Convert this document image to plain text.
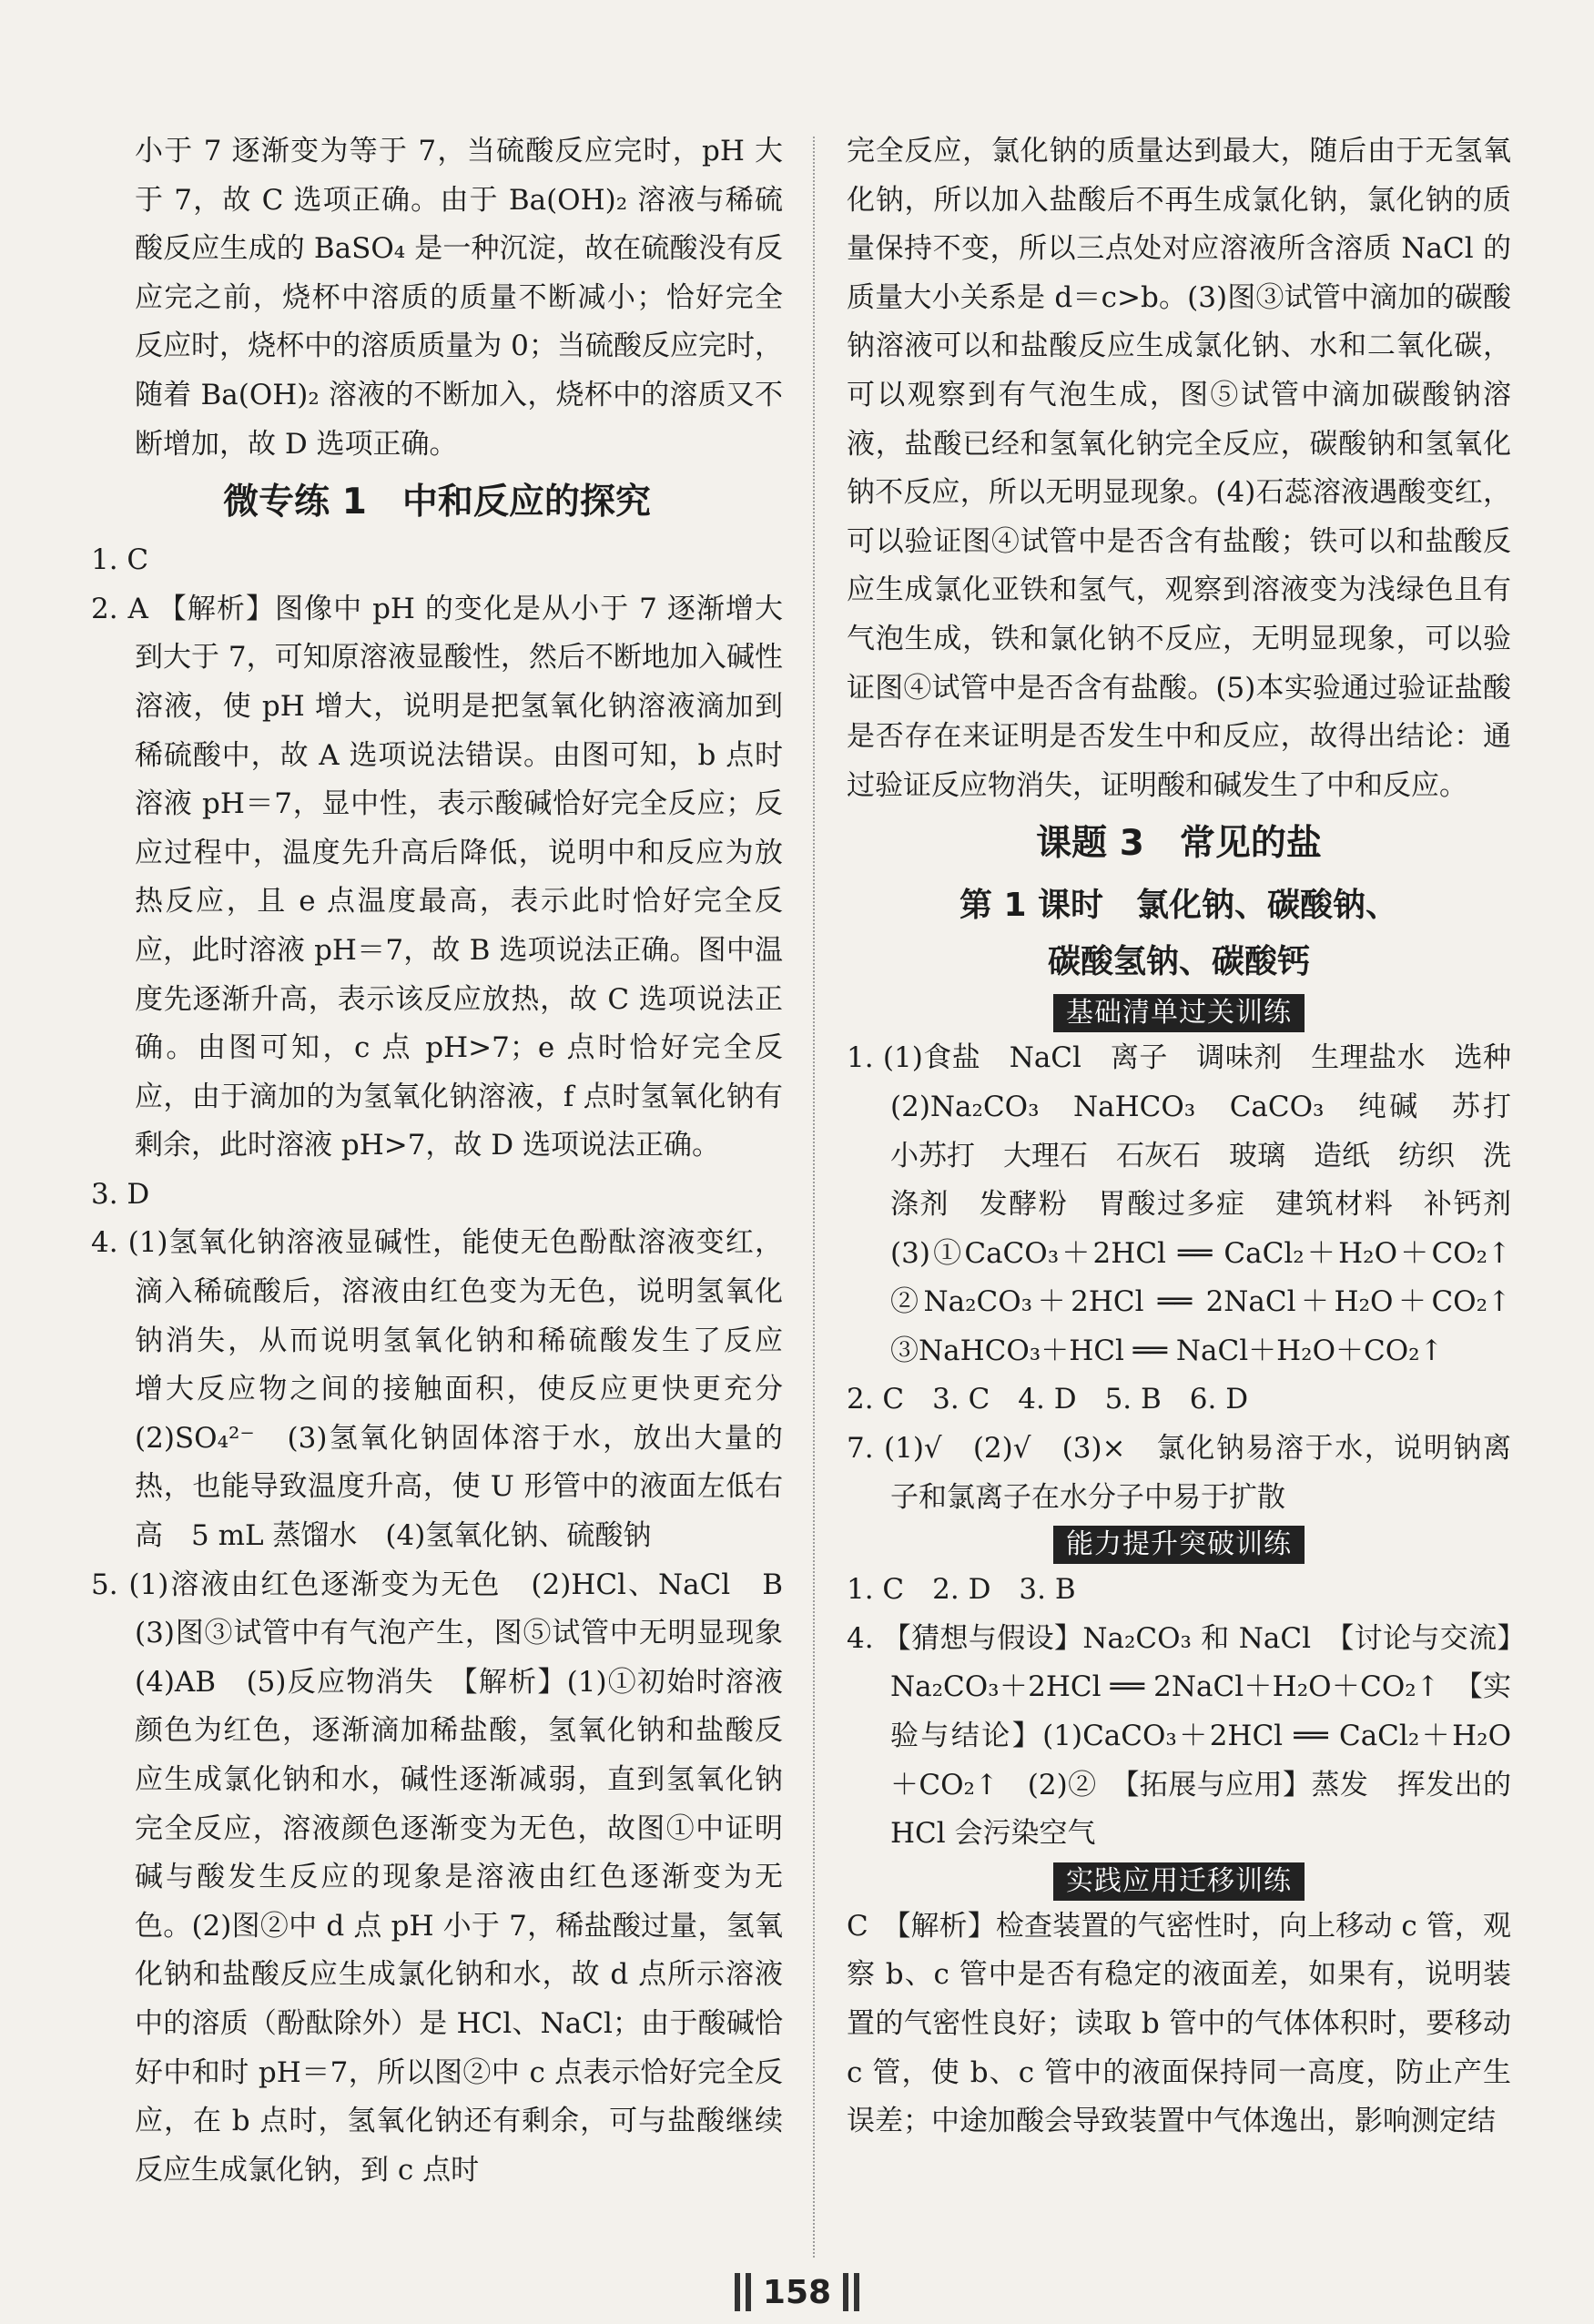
小于 7 逐渐变为等于 7，当硫酸反应完时，pH 大于 7，故 C 选项正确。由于 Ba(OH)₂ 溶液与稀硫酸反应生成的 BaSO₄ 是一种沉淀，故在硫酸没有反应完之前，烧杯中溶质的质量不断减小；恰好完全反应时，烧杯中的溶质质量为 0；当硫酸反应完时，随着 Ba(OH)₂ 溶液的不断加入，烧杯中的溶质又不断增加，故 D 选项正确。

微专练 1　中和反应的探究

1. C

2. A 【解析】图像中 pH 的变化是从小于 7 逐渐增大到大于 7，可知原溶液显酸性，然后不断地加入碱性溶液，使 pH 增大，说明是把氢氧化钠溶液滴加到稀硫酸中，故 A 选项说法错误。由图可知，b 点时溶液 pH＝7，显中性，表示酸碱恰好完全反应；反应过程中，温度先升高后降低，说明中和反应为放热反应，且 e 点温度最高，表示此时恰好完全反应，此时溶液 pH＝7，故 B 选项说法正确。图中温度先逐渐升高，表示该反应放热，故 C 选项说法正确。由图可知，c 点 pH>7；e 点时恰好完全反应，由于滴加的为氢氧化钠溶液，f 点时氢氧化钠有剩余，此时溶液 pH>7，故 D 选项说法正确。

3. D

4. (1)氢氧化钠溶液显碱性，能使无色酚酞溶液变红，滴入稀硫酸后，溶液由红色变为无色，说明氢氧化钠消失，从而说明氢氧化钠和稀硫酸发生了反应　增大反应物之间的接触面积，使反应更快更充分　(2)SO₄²⁻　(3)氢氧化钠固体溶于水，放出大量的热，也能导致温度升高，使 U 形管中的液面左低右高　5 mL 蒸馏水　(4)氢氧化钠、硫酸钠

5. (1)溶液由红色逐渐变为无色　(2)HCl、NaCl　B　(3)图③试管中有气泡产生，图⑤试管中无明显现象　(4)AB　(5)反应物消失　【解析】(1)①初始时溶液颜色为红色，逐渐滴加稀盐酸，氢氧化钠和盐酸反应生成氯化钠和水，碱性逐渐减弱，直到氢氧化钠完全反应，溶液颜色逐渐变为无色，故图①中证明碱与酸发生反应的现象是溶液由红色逐渐变为无色。(2)图②中 d 点 pH 小于 7，稀盐酸过量，氢氧化钠和盐酸反应生成氯化钠和水，故 d 点所示溶液中的溶质（酚酞除外）是 HCl、NaCl；由于酸碱恰好中和时 pH＝7，所以图②中 c 点表示恰好完全反应，在 b 点时，氢氧化钠还有剩余，可与盐酸继续反应生成氯化钠，到 c 点时

完全反应，氯化钠的质量达到最大，随后由于无氢氧化钠，所以加入盐酸后不再生成氯化钠，氯化钠的质量保持不变，所以三点处对应溶液所含溶质 NaCl 的质量大小关系是 d＝c>b。(3)图③试管中滴加的碳酸钠溶液可以和盐酸反应生成氯化钠、水和二氧化碳，可以观察到有气泡生成，图⑤试管中滴加碳酸钠溶液，盐酸已经和氢氧化钠完全反应，碳酸钠和氢氧化钠不反应，所以无明显现象。(4)石蕊溶液遇酸变红，可以验证图④试管中是否含有盐酸；铁可以和盐酸反应生成氯化亚铁和氢气，观察到溶液变为浅绿色且有气泡生成，铁和氯化钠不反应，无明显现象，可以验证图④试管中是否含有盐酸。(5)本实验通过验证盐酸是否存在来证明是否发生中和反应，故得出结论：通过验证反应物消失，证明酸和碱发生了中和反应。

课题 3　常见的盐
第 1 课时　氯化钠、碳酸钠、
碳酸氢钠、碳酸钙
基础清单过关训练

1. (1)食盐　NaCl　离子　调味剂　生理盐水　选种　(2)Na₂CO₃　NaHCO₃　CaCO₃　纯碱　苏打　小苏打　大理石　石灰石　玻璃　造纸　纺织　洗涤剂　发酵粉　胃酸过多症　建筑材料　补钙剂　(3)①CaCO₃＋2HCl ══ CaCl₂＋H₂O＋CO₂↑　②Na₂CO₃＋2HCl ══ 2NaCl＋H₂O＋CO₂↑　③NaHCO₃＋HCl ══ NaCl＋H₂O＋CO₂↑

2. C　3. C　4. D　5. B　6. D

7. (1)√　(2)√　(3)×　氯化钠易溶于水，说明钠离子和氯离子在水分子中易于扩散

能力提升突破训练

1. C　2. D　3. B

4. 【猜想与假设】Na₂CO₃ 和 NaCl　【讨论与交流】Na₂CO₃＋2HCl ══ 2NaCl＋H₂O＋CO₂↑　【实验与结论】(1)CaCO₃＋2HCl ══ CaCl₂＋H₂O＋CO₂↑　(2)②　【拓展与应用】蒸发　挥发出的 HCl 会污染空气

实践应用迁移训练

C　【解析】检查装置的气密性时，向上移动 c 管，观察 b、c 管中是否有稳定的液面差，如果有，说明装置的气密性良好；读取 b 管中的气体体积时，要移动 c 管，使 b、c 管中的液面保持同一高度，防止产生误差；中途加酸会导致装置中气体逸出，影响测定结

158
